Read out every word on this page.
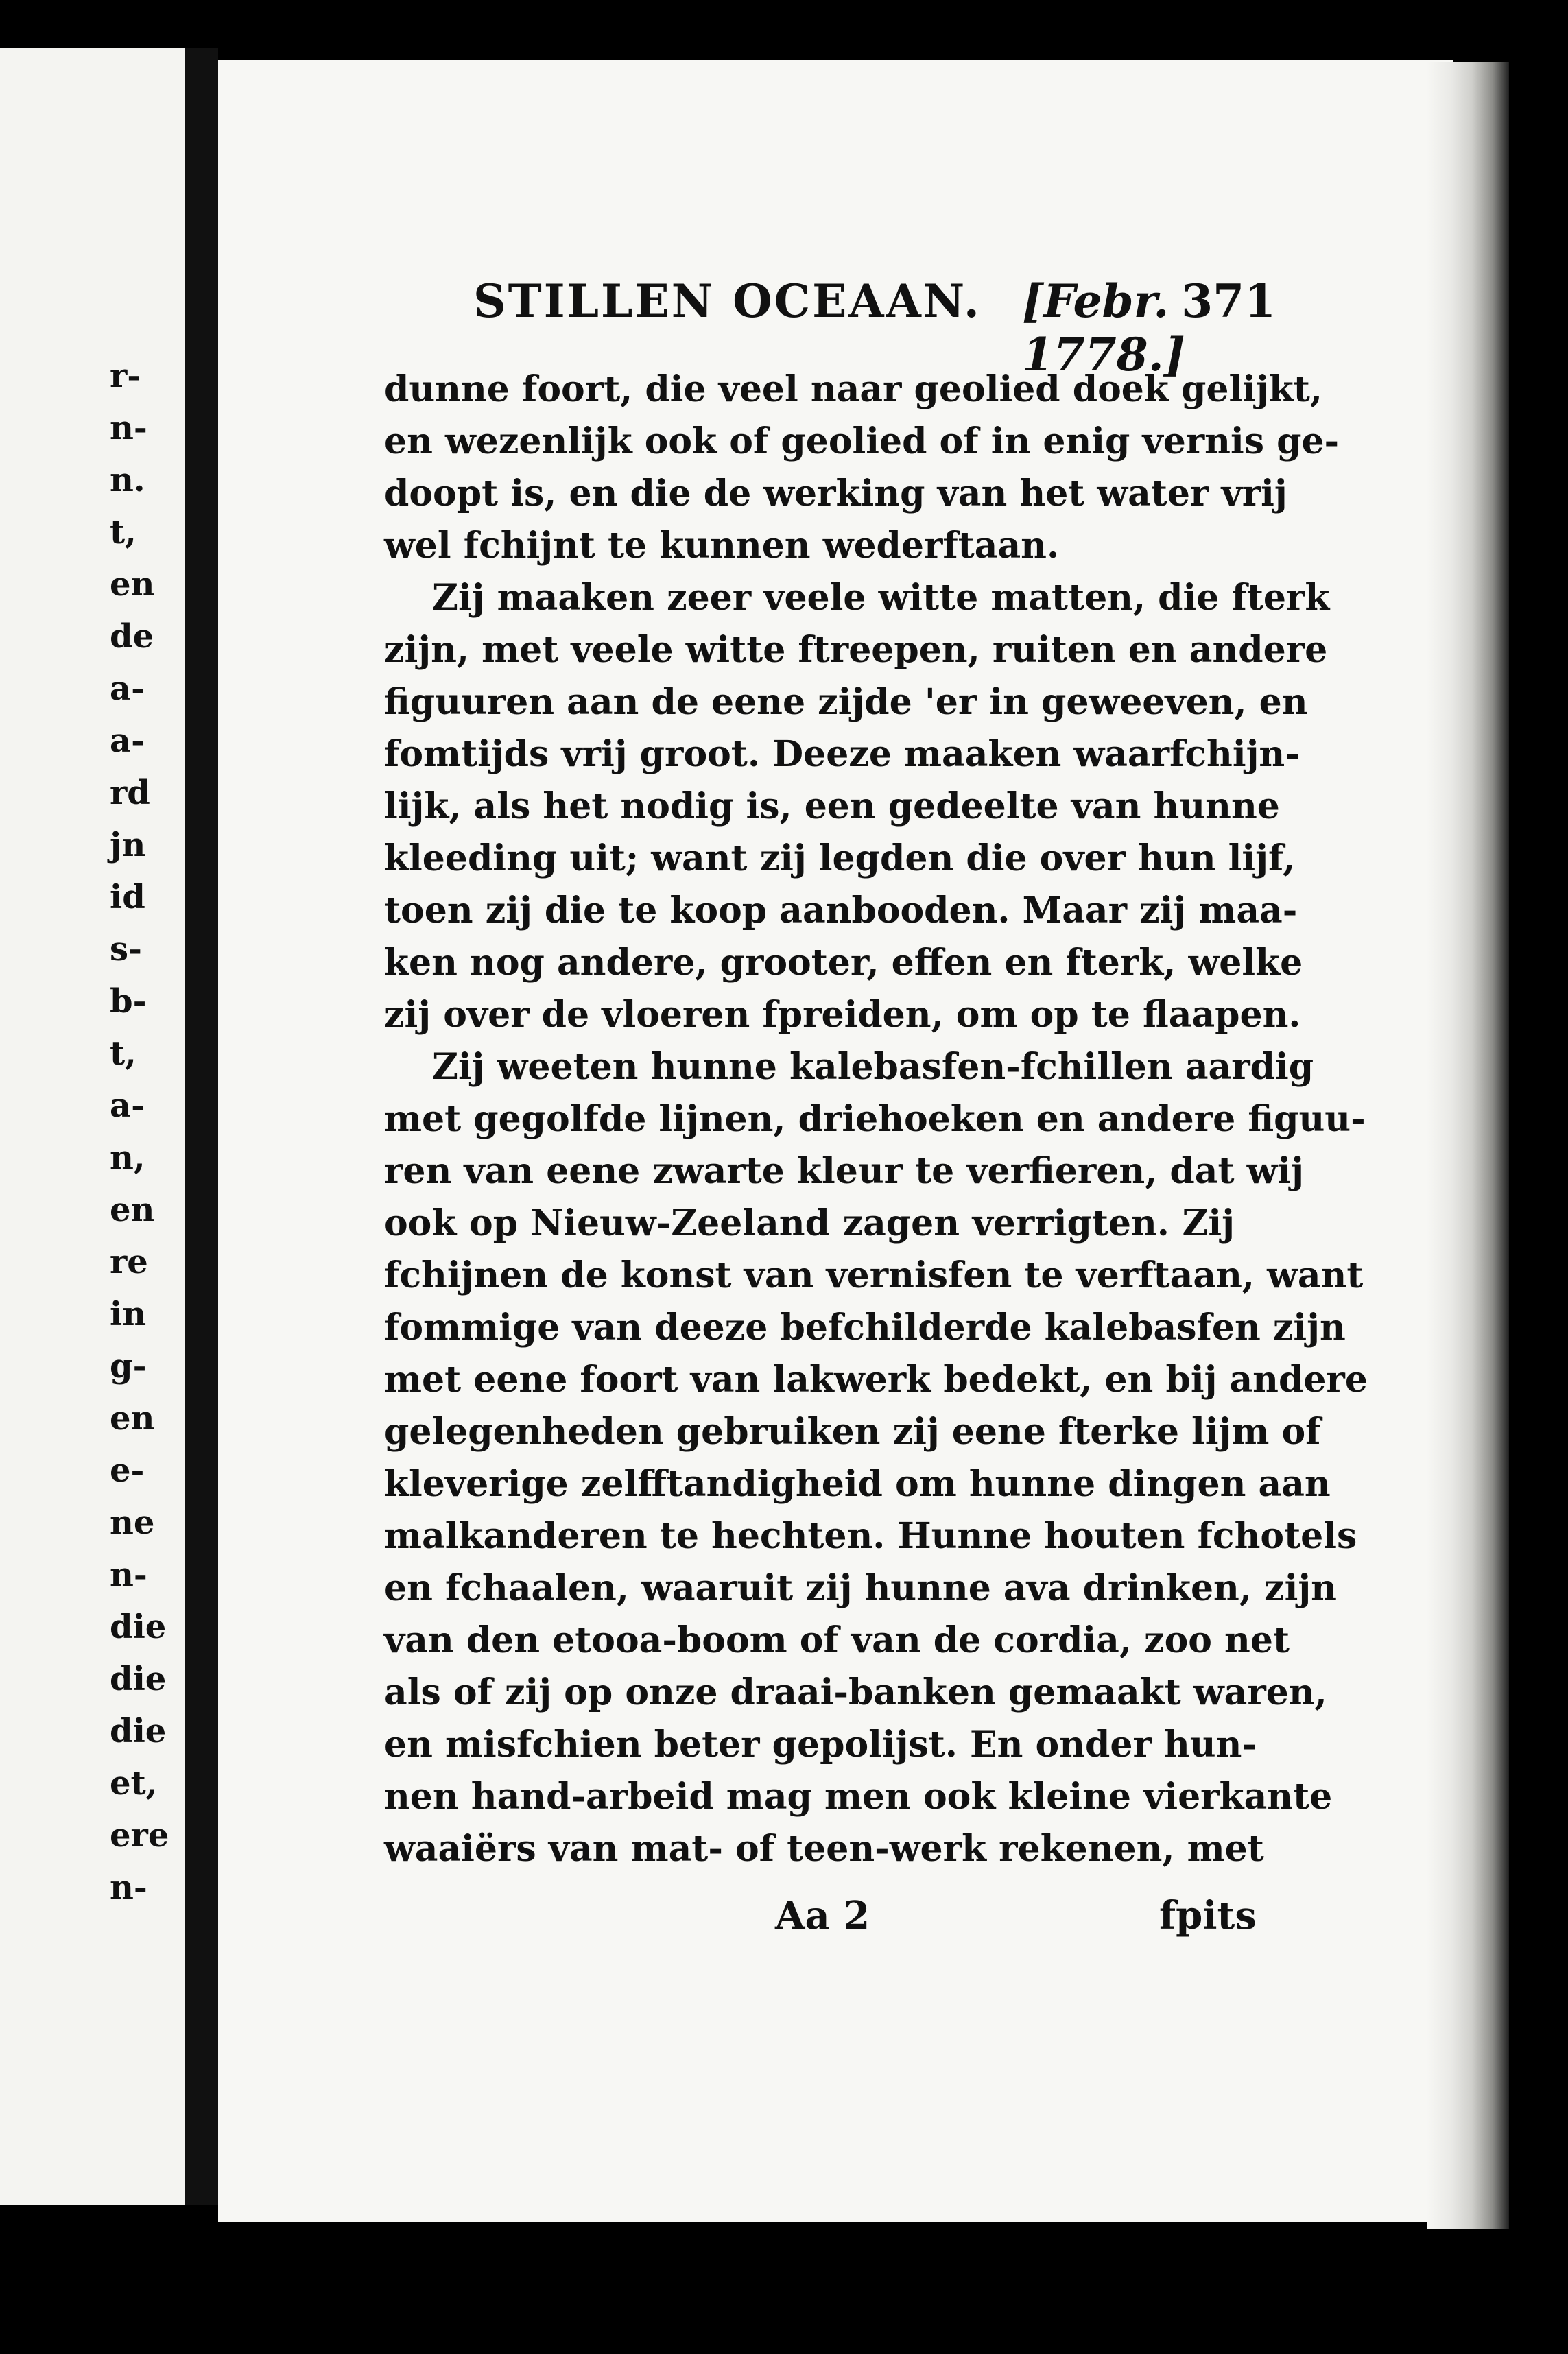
r-
n-
n.
t,
en
de
a-
a-
rd
jn
id
s-
b-
t,
a-
n,
en
re
in
g-
en
e-
ne
n-
die
die
die
et,
ere
n-
STILLEN OCEAAN. [Febr. 1778.]
371
dunne foort, die veel naar geolied doek gelijkt,
en wezenlijk ook of geolied of in enig vernis ge-
doopt is, en die de werking van het water vrij
wel fchijnt te kunnen wederftaan.
Zij maaken zeer veele witte matten, die fterk
zijn, met veele witte ftreepen, ruiten en andere
figuuren aan de eene zijde 'er in geweeven, en
fomtijds vrij groot. Deeze maaken waarfchijn-
lijk, als het nodig is, een gedeelte van hunne
kleeding uit; want zij legden die over hun lijf,
toen zij die te koop aanbooden. Maar zij maa-
ken nog andere, grooter, effen en fterk, welke
zij over de vloeren fpreiden, om op te flaapen.
Zij weeten hunne kalebasfen-fchillen aardig
met gegolfde lijnen, driehoeken en andere figuu-
ren van eene zwarte kleur te verfieren, dat wij
ook op Nieuw-Zeeland zagen verrigten. Zij
fchijnen de konst van vernisfen te verftaan, want
fommige van deeze befchilderde kalebasfen zijn
met eene foort van lakwerk bedekt, en bij andere
gelegenheden gebruiken zij eene fterke lijm of
kleverige zelfftandigheid om hunne dingen aan
malkanderen te hechten. Hunne houten fchotels
en fchaalen, waaruit zij hunne ava drinken, zijn
van den etooa-boom of van de cordia, zoo net
als of zij op onze draai-banken gemaakt waren,
en misfchien beter gepolijst. En onder hun-
nen hand-arbeid mag men ook kleine vierkante
waaiërs van mat- of teen-werk rekenen, met
Aa 2	fpits
